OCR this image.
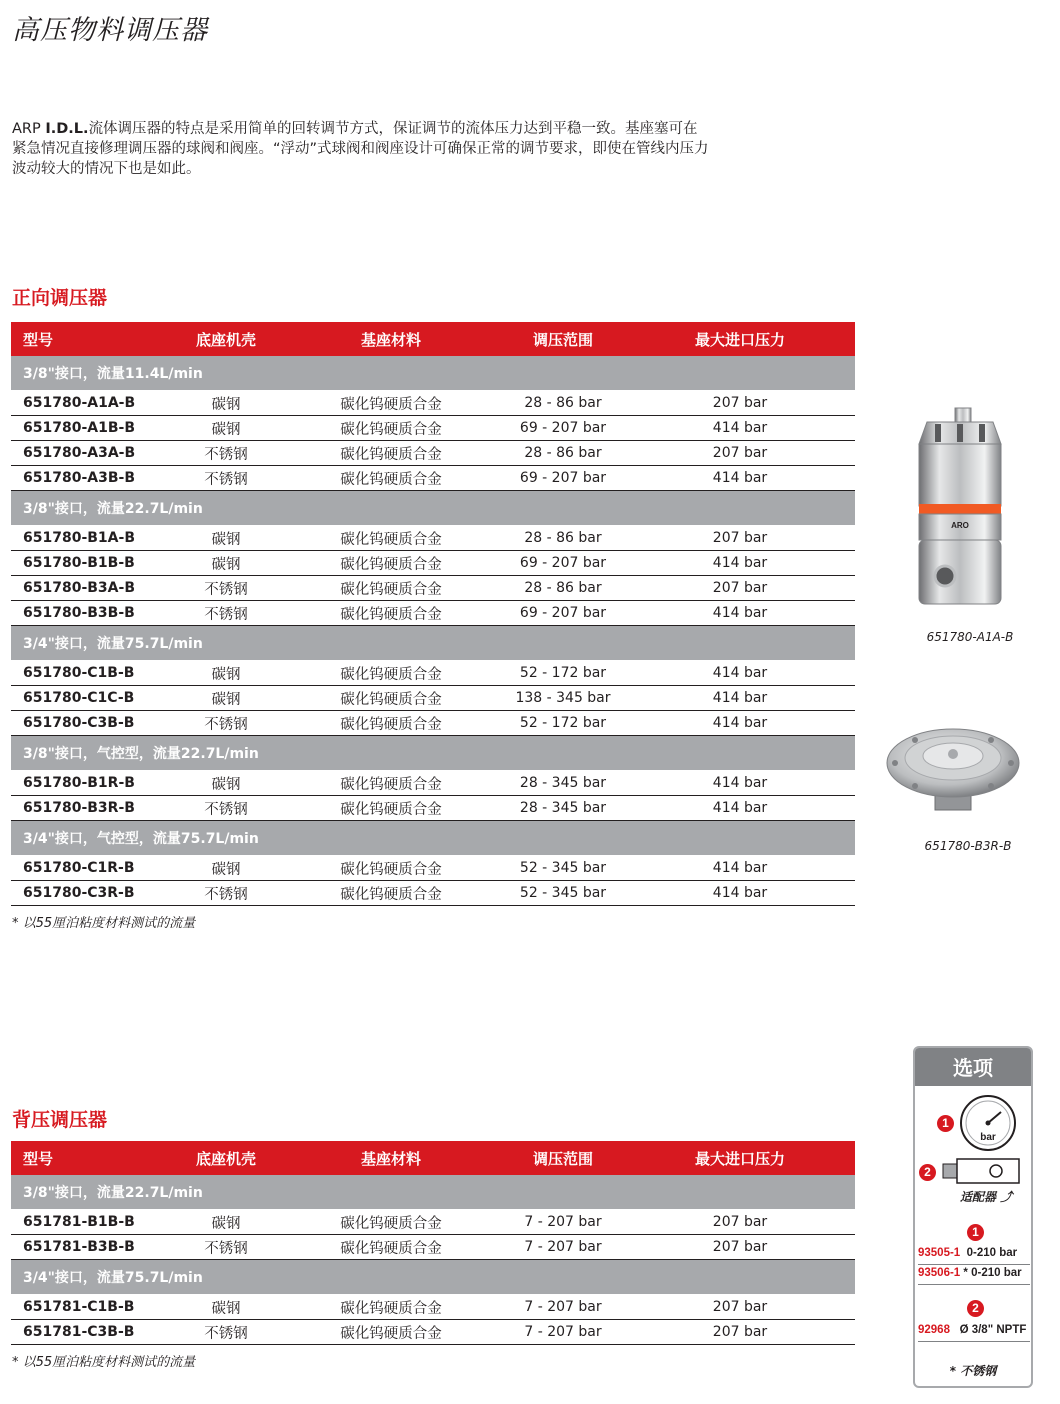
高压物料调压器
ARP I.D.L.流体调压器的特点是采用简单的回转调节方式，保证调节的流体压力达到平稳一致。基座塞可在紧急情况直接修理调压器的球阀和阀座。“浮动”式球阀和阀座设计可确保正常的调节要求，即使在管线内压力波动较大的情况下也是如此。
正向调压器
型号	底座机壳	基座材料	调压范围	最大进口压力
3/8"接口，流量11.4L/min				
651780-A1A-B	碳钢	碳化钨硬质合金	28 - 86 bar	207 bar
651780-A1B-B	碳钢	碳化钨硬质合金	69 - 207 bar	414 bar
651780-A3A-B	不锈钢	碳化钨硬质合金	28 - 86 bar	207 bar
651780-A3B-B	不锈钢	碳化钨硬质合金	69 - 207 bar	414 bar
3/8"接口，流量22.7L/min				
651780-B1A-B	碳钢	碳化钨硬质合金	28 - 86 bar	207 bar
651780-B1B-B	碳钢	碳化钨硬质合金	69 - 207 bar	414 bar
651780-B3A-B	不锈钢	碳化钨硬质合金	28 - 86 bar	207 bar
651780-B3B-B	不锈钢	碳化钨硬质合金	69 - 207 bar	414 bar
3/4"接口，流量75.7L/min				
651780-C1B-B	碳钢	碳化钨硬质合金	52 - 172 bar	414 bar
651780-C1C-B	碳钢	碳化钨硬质合金	138 - 345 bar	414 bar
651780-C3B-B	不锈钢	碳化钨硬质合金	52 - 172 bar	414 bar
3/8"接口，气控型，流量22.7L/min				
651780-B1R-B	碳钢	碳化钨硬质合金	28 - 345 bar	414 bar
651780-B3R-B	不锈钢	碳化钨硬质合金	28 - 345 bar	414 bar
3/4"接口，气控型，流量75.7L/min				
651780-C1R-B	碳钢	碳化钨硬质合金	52 - 345 bar	414 bar
651780-C3R-B	不锈钢	碳化钨硬质合金	52 - 345 bar	414 bar
* 以55厘泊粘度材料测试的流量
背压调压器
型号	底座机壳	基座材料	调压范围	最大进口压力
3/8"接口，流量22.7L/min				
651781-B1B-B	碳钢	碳化钨硬质合金	7 - 207 bar	207 bar
651781-B3B-B	不锈钢	碳化钨硬质合金	7 - 207 bar	207 bar
3/4"接口，流量75.7L/min				
651781-C1B-B	碳钢	碳化钨硬质合金	7 - 207 bar	207 bar
651781-C3B-B	不锈钢	碳化钨硬质合金	7 - 207 bar	207 bar
* 以55厘泊粘度材料测试的流量
ARO
651780-A1A-B
651780-B3R-B
选项
1
bar
2
适配器 ⤴
1
93505-1 0-210 bar
93506-1 * 0-210 bar
2
92968 Ø 3/8" NPTF
* 不锈钢
